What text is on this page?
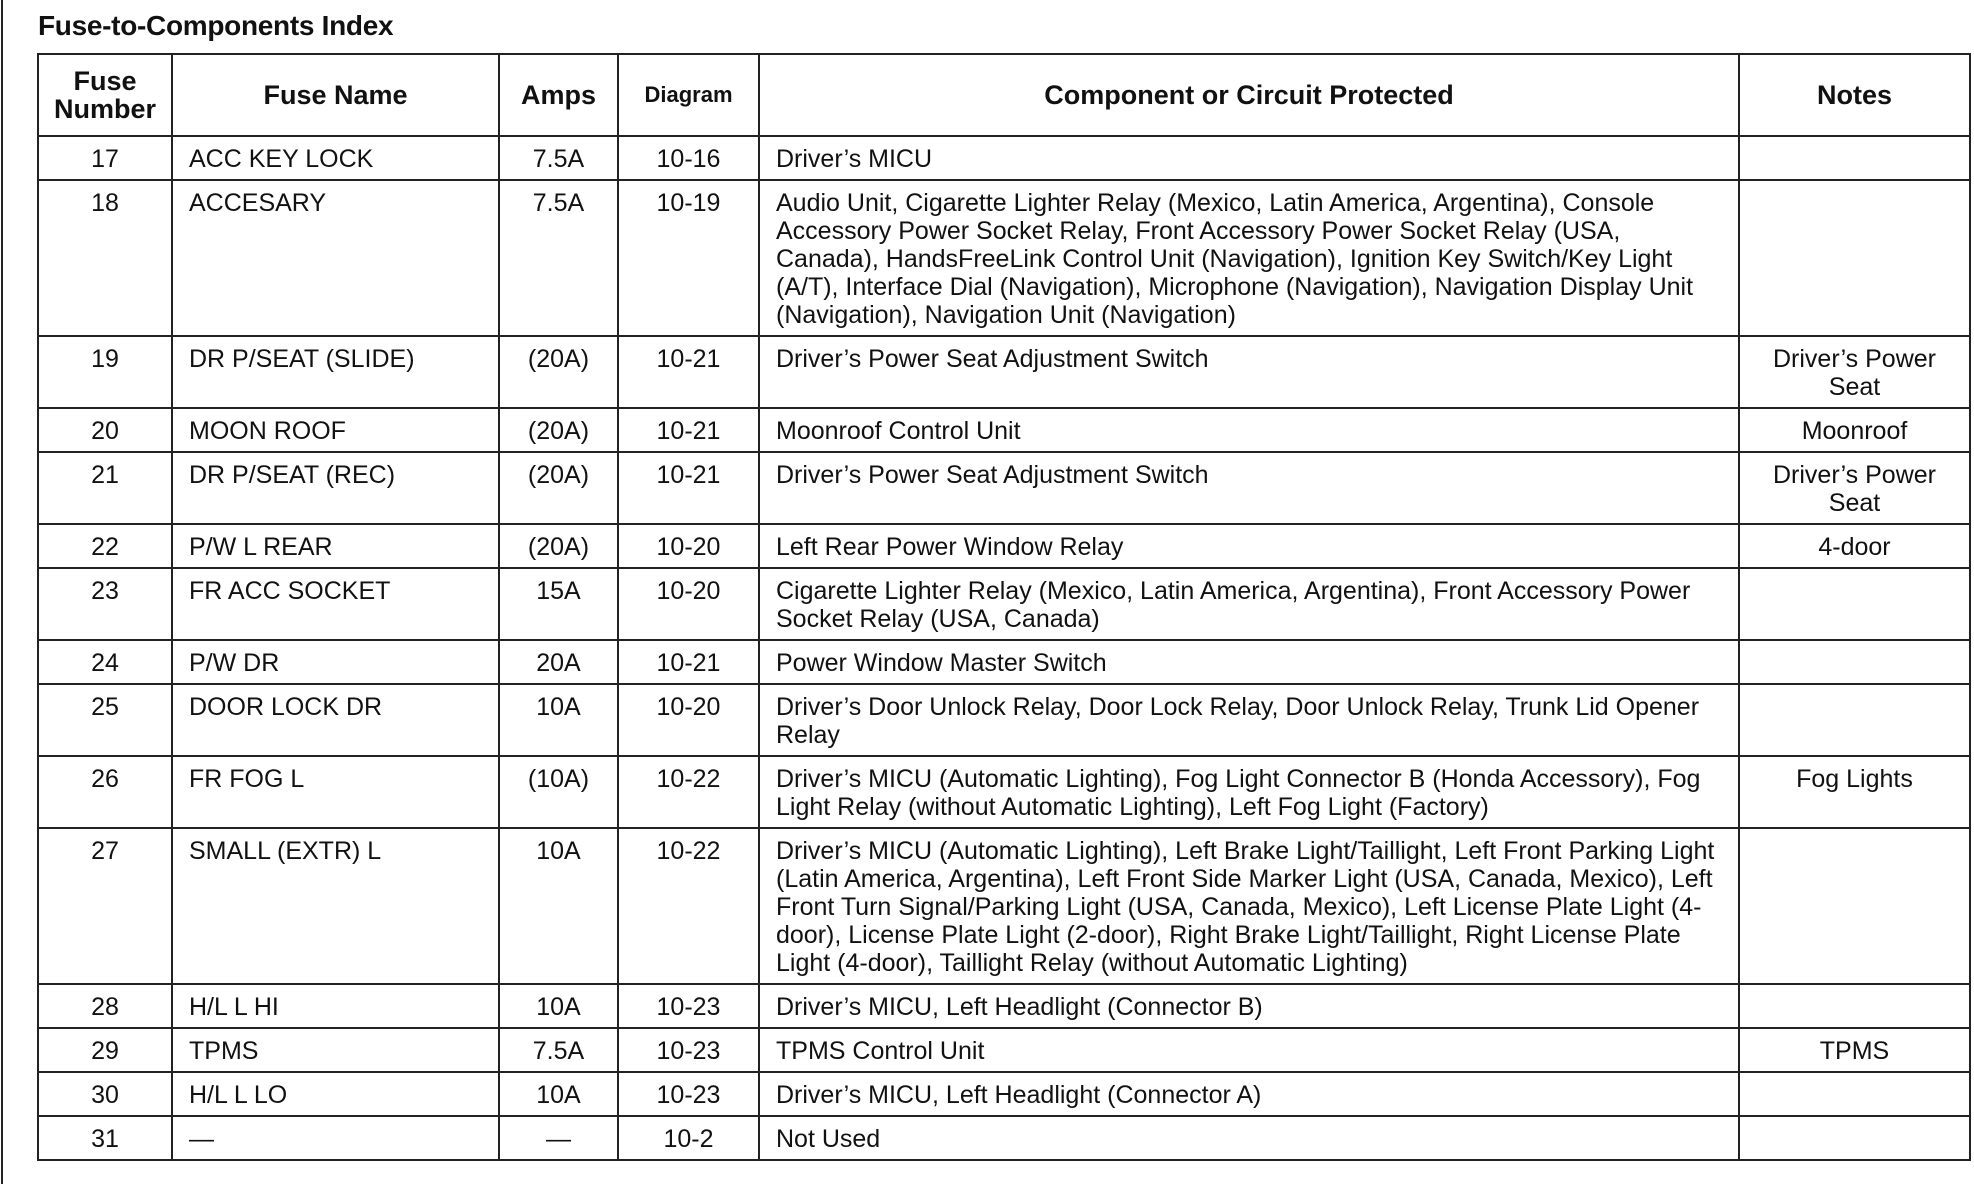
Fuse-to-Components Index
Fuse
Number	Fuse Name	Amps	Diagram	Component or Circuit Protected	Notes
17	ACC KEY LOCK	7.5A	10-16	Driver’s MICU	
18	ACCESARY	7.5A	10-19	Audio Unit, Cigarette Lighter Relay (Mexico, Latin America, Argentina), Console Accessory Power Socket Relay, Front Accessory Power Socket Relay (USA, Canada), HandsFreeLink Control Unit (Navigation), Ignition Key Switch/Key Light (A/T), Interface Dial (Navigation), Microphone (Navigation), Navigation Display Unit (Navigation), Navigation Unit (Navigation)	
19	DR P/SEAT (SLIDE)	(20A)	10-21	Driver’s Power Seat Adjustment Switch	Driver’s Power Seat
20	MOON ROOF	(20A)	10-21	Moonroof Control Unit	Moonroof
21	DR P/SEAT (REC)	(20A)	10-21	Driver’s Power Seat Adjustment Switch	Driver’s Power Seat
22	P/W L REAR	(20A)	10-20	Left Rear Power Window Relay	4-door
23	FR ACC SOCKET	15A	10-20	Cigarette Lighter Relay (Mexico, Latin America, Argentina), Front Accessory Power Socket Relay (USA, Canada)	
24	P/W DR	20A	10-21	Power Window Master Switch	
25	DOOR LOCK DR	10A	10-20	Driver’s Door Unlock Relay, Door Lock Relay, Door Unlock Relay, Trunk Lid Opener Relay	
26	FR FOG L	(10A)	10-22	Driver’s MICU (Automatic Lighting), Fog Light Connector B (Honda Accessory), Fog Light Relay (without Automatic Lighting), Left Fog Light (Factory)	Fog Lights
27	SMALL (EXTR) L	10A	10-22	Driver’s MICU (Automatic Lighting), Left Brake Light/Taillight, Left Front Parking Light (Latin America, Argentina), Left Front Side Marker Light (USA, Canada, Mexico), Left Front Turn Signal/Parking Light (USA, Canada, Mexico), Left License Plate Light (4-door), License Plate Light (2-door), Right Brake Light/Taillight, Right License Plate Light (4-door), Taillight Relay (without Automatic Lighting)	
28	H/L L HI	10A	10-23	Driver’s MICU, Left Headlight (Connector B)	
29	TPMS	7.5A	10-23	TPMS Control Unit	TPMS
30	H/L L LO	10A	10-23	Driver’s MICU, Left Headlight (Connector A)	
31	—	—	10-2	Not Used	
